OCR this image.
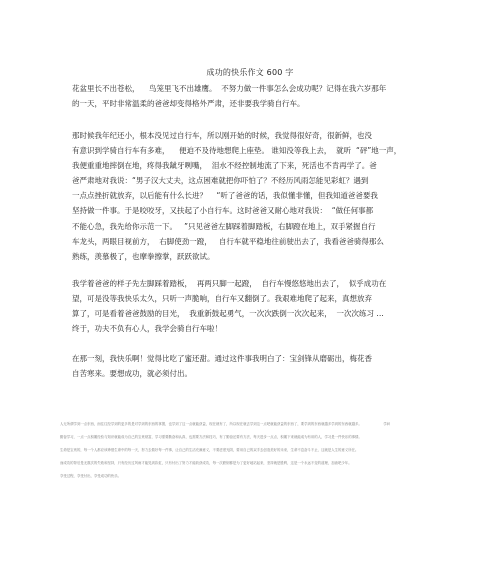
成功的快乐作文 600 字
花盆里长不出苍松，    鸟笼里飞不出雄鹰。  不努力做一件事怎么会成功呢？记得在我六岁那年
的一天，平时非常温柔的爸爸却变得格外严肃，还非要我学骑自行车。
那时候我年纪还小，根本没见过自行车，所以刚开始的时候，我觉得很好奇，很新鲜，也没
有意识到学骑自行车有多难，    便迫不及待地想爬上座垫。 谁知没等我上去，  就听  “砰”地一声，
我便重重地摔倒在地，疼得我龇牙咧嘴，  泪水不经控制地流了下来，死活也不肯再学了。爸
爸严肃地对我说：“男子汉大丈夫，这点困难就把你吓怕了？不经历风雨怎能见彩虹？遇到
一点点挫折就放弃，以后能有什么长进？    “听了爸爸的话，我似懂非懂，但我知道爸爸要我
坚持做一件事。于是咬咬牙，又扶起了小自行车。这时爸爸又耐心地对我说：  “做任何事都
不能心急，我先给你示范一下。   ”只见爸爸左脚踩着脚踏板，右脚蹬在地上，双手紧握自行
车龙头，两眼目视前方，  右脚使劲一蹬，   自行车就平稳地往前驶出去了，我看爸爸骑得那么
熟练，羡慕极了，也摩拳擦掌，跃跃欲试。
我学着爸爸的样子先左脚踩着踏板，  再两只脚一起蹬，  自行车慢悠悠地出去了，  似乎成功在
望，可是没等我快乐太久，只听一声脆响，自行车又翻倒了。我艰难地爬了起来，真想放弃
算了，可是看着爸爸鼓励的目光，  我重新鼓起勇气，一次次跌倒一次次起来，  一次次练习 …
终于，功夫不负有心人，我学会骑自行车啦！
在那一刻，我快乐啊！觉得比吃了蜜还甜。通过这件事我明白了：宝剑锋从磨砺出，梅花香
自苦寒来。要想成功，就必须付出。
人无所谓学到一点东西，而往往经学到的更多的是对学到的东西的掌握，也学到了这一点就能获益，现在就有了，所以现在就去学到这一点吧就能获益的东西了，要学到的东西就越多学到的东西就越多。                    学问
勤奋学习，一点一点积累经验与知识就能成为自己的宝贵财富，学习需要勤奋和认真，也需要方法和技巧，有了勤奋还要有方法，每天进步一点点，积累下来就能成为有用的人，学习是一件快乐的事情。
生命是宝贵的，每一个人都应该珍惜生命中的每一天，努力去做好每一件事，让自己的生活充满意义，不要虚度光阴，要用自己的双手去创造美好的未来，生命不息奋斗不止，这就是人生的意义所在。
而成功的背后是无数次的失败和坚持，只有经历过风雨才能见到彩虹，只有付出了努力才能收获成功，每一次跌倒都是为了更好地站起来，坚持就是胜利，这是一个永远不变的道理，加油吧少年。
享受过程，享受付出，享受成功的快乐。
